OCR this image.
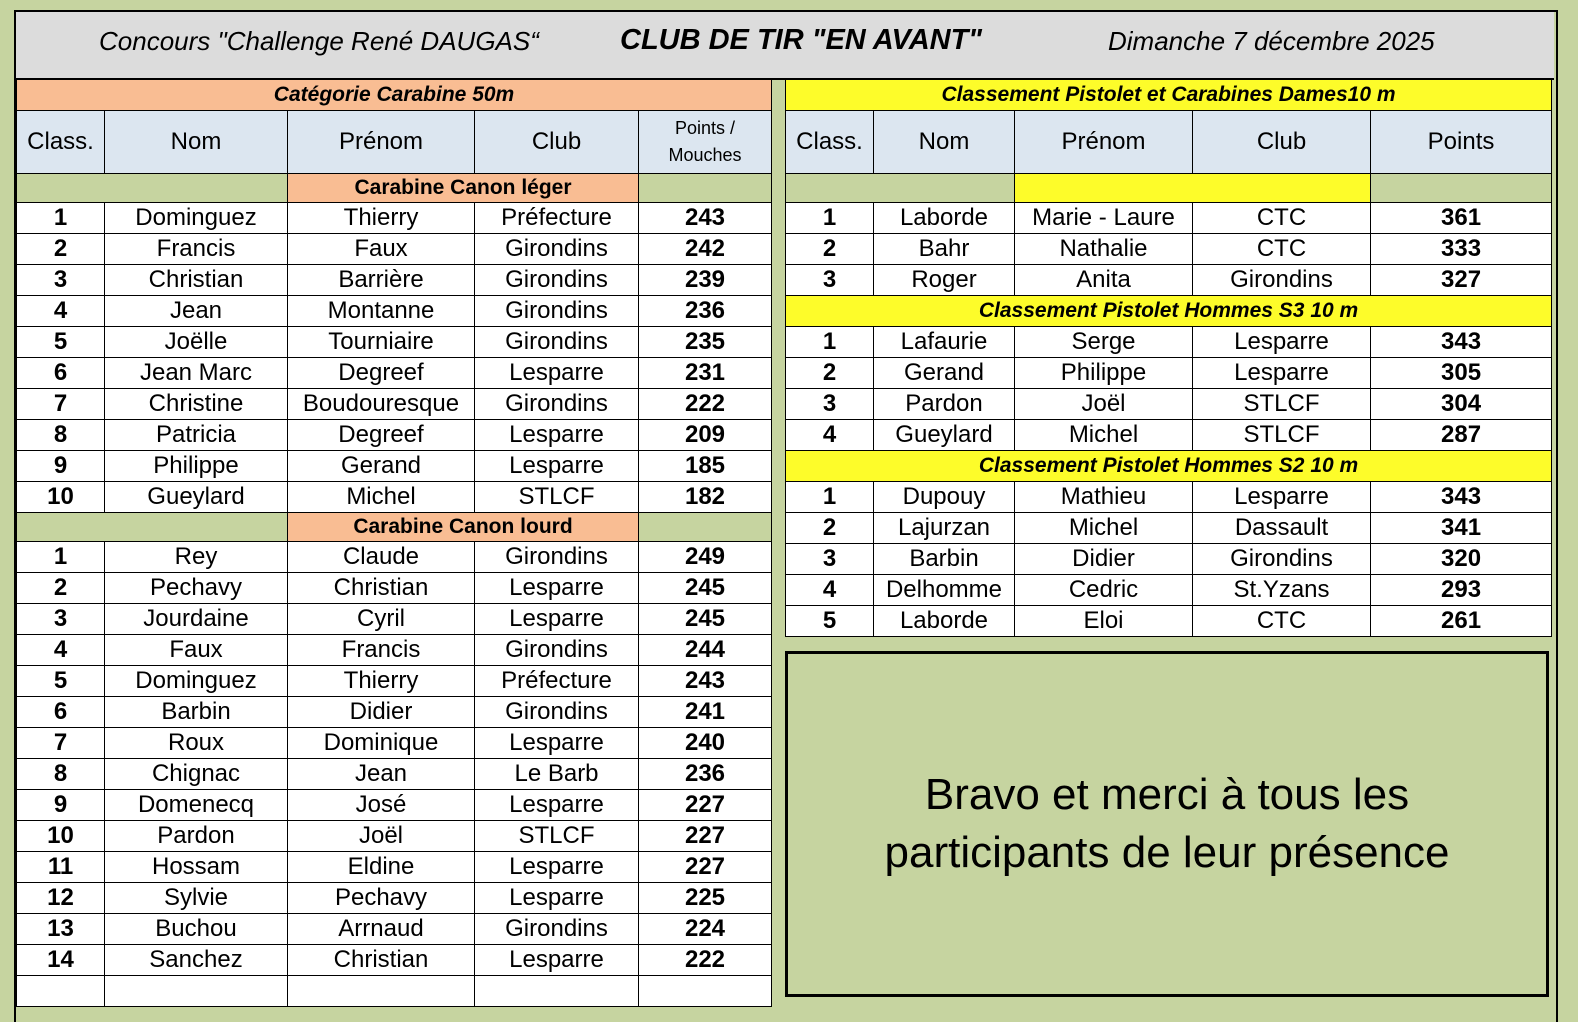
Concours "Challenge René DAUGAS“	CLUB DE TIR "EN AVANT"	Dimanche 7 décembre 2025
Catégorie Carabine 50m				
Class.	Nom	Prénom	Club	Points / Mouches
		Carabine Canon léger		
1	Dominguez	Thierry	Préfecture	243
2	Francis	Faux	Girondins	242
3	Christian	Barrière	Girondins	239
4	Jean	Montanne	Girondins	236
5	Joëlle	Tourniaire	Girondins	235
6	Jean Marc	Degreef	Lesparre	231
7	Christine	Boudouresque	Girondins	222
8	Patricia	Degreef	Lesparre	209
9	Philippe	Gerand	Lesparre	185
10	Gueylard	Michel	STLCF	182
		Carabine Canon lourd		
1	Rey	Claude	Girondins	249
2	Pechavy	Christian	Lesparre	245
3	Jourdaine	Cyril	Lesparre	245
4	Faux	Francis	Girondins	244
5	Dominguez	Thierry	Préfecture	243
6	Barbin	Didier	Girondins	241
7	Roux	Dominique	Lesparre	240
8	Chignac	Jean	Le Barb	236
9	Domenecq	José	Lesparre	227
10	Pardon	Joël	STLCF	227
11	Hossam	Eldine	Lesparre	227
12	Sylvie	Pechavy	Lesparre	225
13	Buchou	Arrnaud	Girondins	224
14	Sanchez	Christian	Lesparre	222

Classement Pistolet et Carabines Dames10 m				
Class.	Nom	Prénom	Club	Points

1	Laborde	Marie - Laure	CTC	361
2	Bahr	Nathalie	CTC	333
3	Roger	Anita	Girondins	327
Classement Pistolet Hommes S3 10 m				
1	Lafaurie	Serge	Lesparre	343
2	Gerand	Philippe	Lesparre	305
3	Pardon	Joël	STLCF	304
4	Gueylard	Michel	STLCF	287
Classement Pistolet Hommes S2 10 m				
1	Dupouy	Mathieu	Lesparre	343
2	Lajurzan	Michel	Dassault	341
3	Barbin	Didier	Girondins	320
4	Delhomme	Cedric	St.Yzans	293
5	Laborde	Eloi	CTC	261
Bravo et merci à tous les participants de leur présence
